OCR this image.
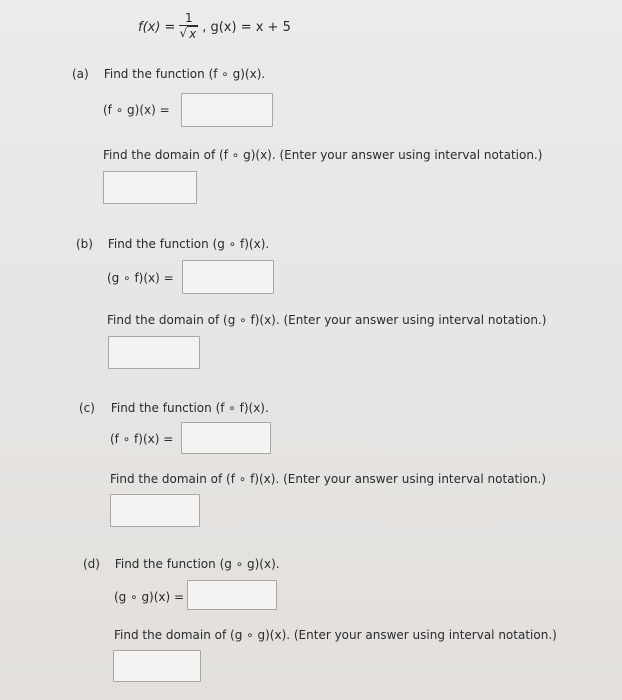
$f(x) = \frac{1}{√ x}$ , g(x) = x + 5
(a) Find the function (f ∘ g)(x).
(f ∘ g)(x) =
Find the domain of (f ∘ g)(x). (Enter your answer using interval notation.)
(b) Find the function (g ∘ f)(x).
(g ∘ f)(x) =
Find the domain of (g ∘ f)(x). (Enter your answer using interval notation.)
(c) Find the function (f ∘ f)(x).
(f ∘ f)(x) =
Find the domain of (f ∘ f)(x). (Enter your answer using interval notation.)
(d) Find the function (g ∘ g)(x).
(g ∘ g)(x) =
Find the domain of (g ∘ g)(x). (Enter your answer using interval notation.)
